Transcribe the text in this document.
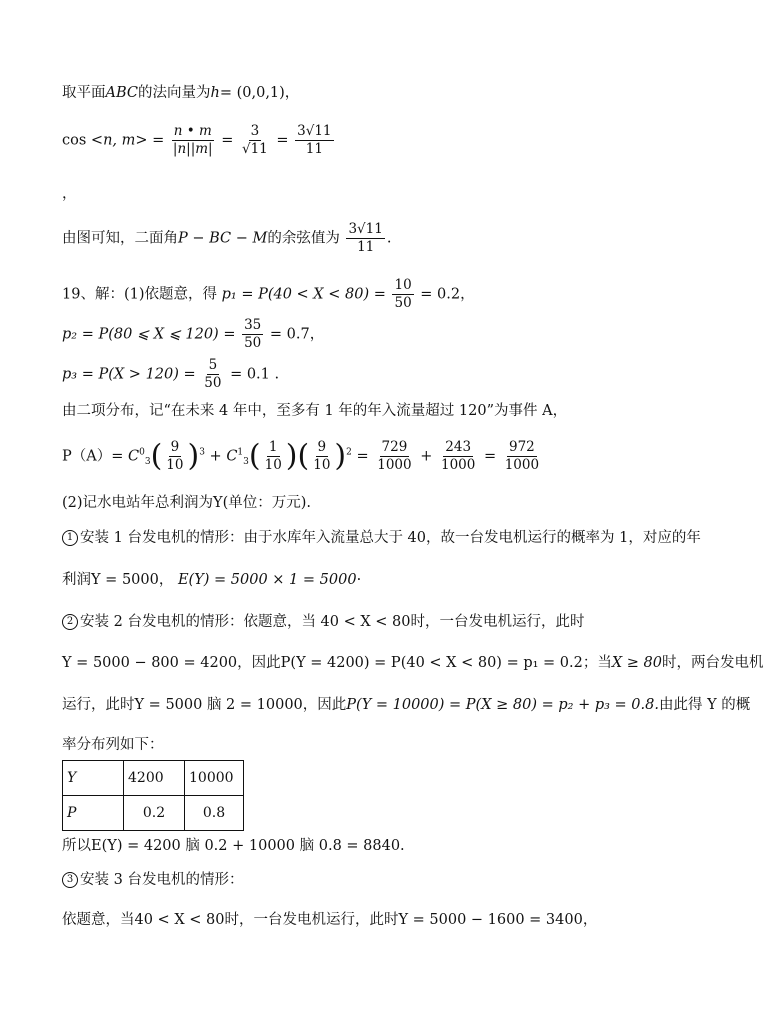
取平面ABC的法向量为h= (0,0,1)，
cos <n, $m> = \frac{n • m}{|n||m|} = \frac{3}{√11} = \frac{3√11}{11}$
，
由图可知，二面角P − BC − M的余弦值为 $\frac{3√11}{11}$ .
19、解：(1)依题意，得 $p_1 = P(40 < X < 80) = \frac{10}{50} = 0.2$，
p₂ = P(80 ⩽ X ⩽ $120) = \frac{35}{50} = 0.7$，
$p_3 = P(X > 120) = \frac{5}{50} = 0.1$ .
由二项分布，记“在未来 4 年中，至多有 1 年的年入流量超过 120”为事件 A，
$P(A)= C^0_3( \frac{9}{10} )^3 + C^1_3( \frac{1}{10}$ )( $\frac{9}{10} )^2 = \frac{729}{1000} + \frac{243}{1000} = \frac{972}{1000}$
(2)记水电站年总利润为Y(单位：万元).
1 安装 1 台发电机的情形：由于水库年入流量总大于 40，故一台发电机运行的概率为 1，对应的年
利润Y = 5000， E(Y) = 5000 × 1 = 5000·
2 安装 2 台发电机的情形：依题意，当 40 < X < 80时，一台发电机运行，此时
Y = 5000 − 800 = 4200，因此P(Y = 4200) = P(40 < X < 80) = p₁ = 0.2；当X ≥ 80时，两台发电机
运行，此时Y = 5000 脑 2 = 10000，因此P(Y = 10000) = P(X ≥ 80) = p₂ + p₃ = 0.8.由此得 Y 的概
率分布列如下：
Y	4200	10000
P	0.2	0.8
所以E(Y) = 4200 脑 0.2 + 10000 脑 0.8 = 8840.
3 安装 3 台发电机的情形：
依题意，当40 < X < 80时，一台发电机运行，此时Y = 5000 − 1600 = 3400，
